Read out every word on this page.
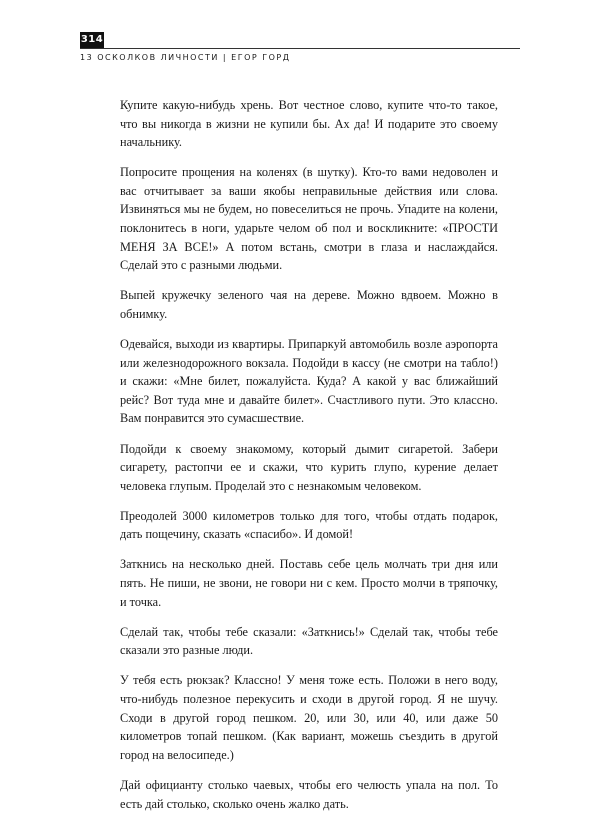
314
13 ОСКОЛКОВ ЛИЧНОСТИ | ЕГОР ГОРД

Купите какую-нибудь хрень. Вот честное слово, купите что-то такое, что вы никогда в жизни не купили бы. Ах да! И подарите это своему начальнику.

Попросите прощения на коленях (в шутку). Кто-то вами недоволен и вас отчитывает за ваши якобы неправильные действия или слова. Извиняться мы не будем, но повеселиться не прочь. Упадите на колени, поклонитесь в ноги, ударьте челом об пол и воскликните: «ПРОСТИ МЕНЯ ЗА ВСЕ!» А потом встань, смотри в глаза и наслаждайся. Сделай это с разными людьми.

Выпей кружечку зеленого чая на дереве. Можно вдвоем. Можно в обнимку.

Одевайся, выходи из квартиры. Припаркуй автомобиль возле аэропорта или железнодорожного вокзала. Подойди в кассу (не смотри на табло!) и скажи: «Мне билет, пожалуйста. Куда? А какой у вас ближайший рейс? Вот туда мне и давайте билет». Счастливого пути. Это классно. Вам понравится это сумасшествие.

Подойди к своему знакомому, который дымит сигаретой. Забери сигарету, растопчи ее и скажи, что курить глупо, курение делает человека глупым. Проделай это с незнакомым человеком.

Преодолей 3000 километров только для того, чтобы отдать подарок, дать пощечину, сказать «спасибо». И домой!

Заткнись на несколько дней. Поставь себе цель молчать три дня или пять. Не пиши, не звони, не говори ни с кем. Просто молчи в тряпочку, и точка.

Сделай так, чтобы тебе сказали: «Заткнись!» Сделай так, чтобы тебе сказали это разные люди.

У тебя есть рюкзак? Классно! У меня тоже есть. Положи в него воду, что-нибудь полезное перекусить и сходи в другой город. Я не шучу. Сходи в другой город пешком. 20, или 30, или 40, или даже 50 километров топай пешком. (Как вариант, можешь съездить в другой город на велосипеде.)

Дай официанту столько чаевых, чтобы его челюсть упала на пол. То есть дай столько, сколько очень жалко дать.
